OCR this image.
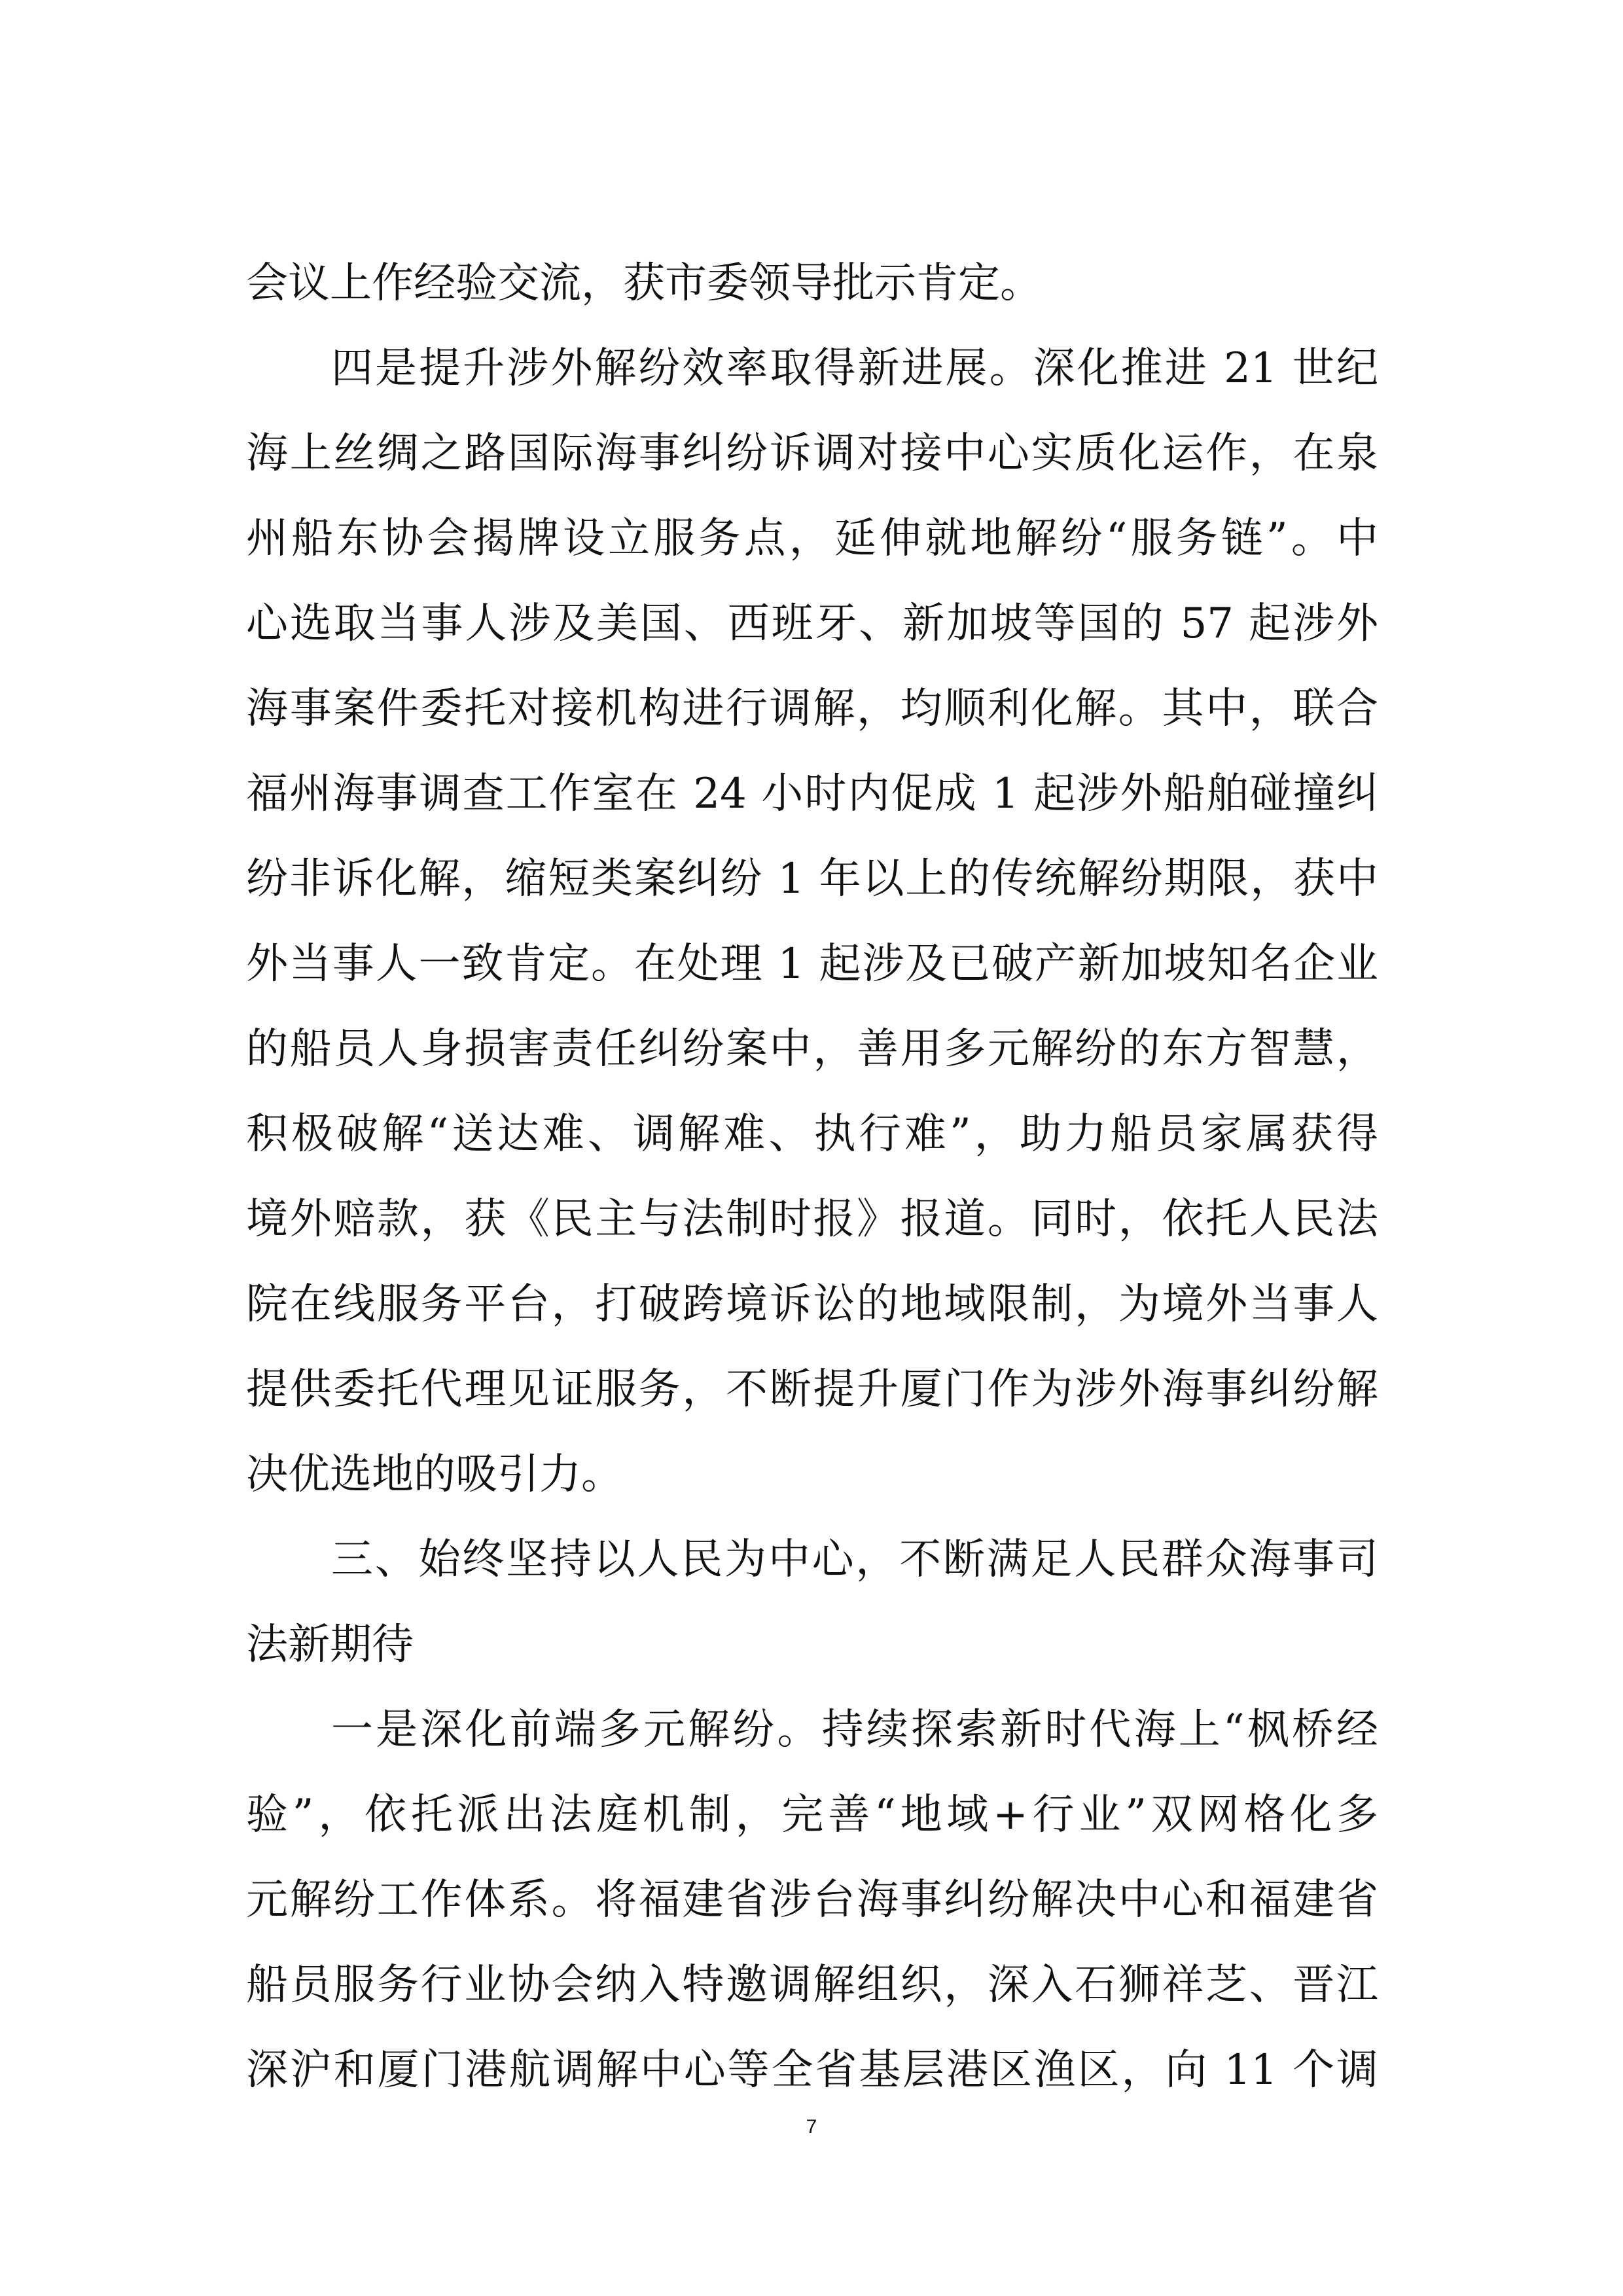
会议上作经验交流，获市委领导批示肯定。
四是提升涉外解纷效率取得新进展。深化推进 21 世纪
海上丝绸之路国际海事纠纷诉调对接中心实质化运作，在泉
州船东协会揭牌设立服务点，延伸就地解纷“服务链”。中
心选取当事人涉及美国、西班牙、新加坡等国的 57 起涉外
海事案件委托对接机构进行调解，均顺利化解。其中，联合
福州海事调查工作室在 24 小时内促成 1 起涉外船舶碰撞纠
纷非诉化解，缩短类案纠纷 1 年以上的传统解纷期限，获中
外当事人一致肯定。在处理 1 起涉及已破产新加坡知名企业
的船员人身损害责任纠纷案中，善用多元解纷的东方智慧，
积极破解“送达难、调解难、执行难”，助力船员家属获得
境外赔款，获《民主与法制时报》报道。同时，依托人民法
院在线服务平台，打破跨境诉讼的地域限制，为境外当事人
提供委托代理见证服务，不断提升厦门作为涉外海事纠纷解
决优选地的吸引力。
三、始终坚持以人民为中心，不断满足人民群众海事司
法新期待
一是深化前端多元解纷。持续探索新时代海上“枫桥经
验”，依托派出法庭机制，完善“地域+行业”双网格化多
元解纷工作体系。将福建省涉台海事纠纷解决中心和福建省
船员服务行业协会纳入特邀调解组织，深入石狮祥芝、晋江
深沪和厦门港航调解中心等全省基层港区渔区，向 11 个调
7
